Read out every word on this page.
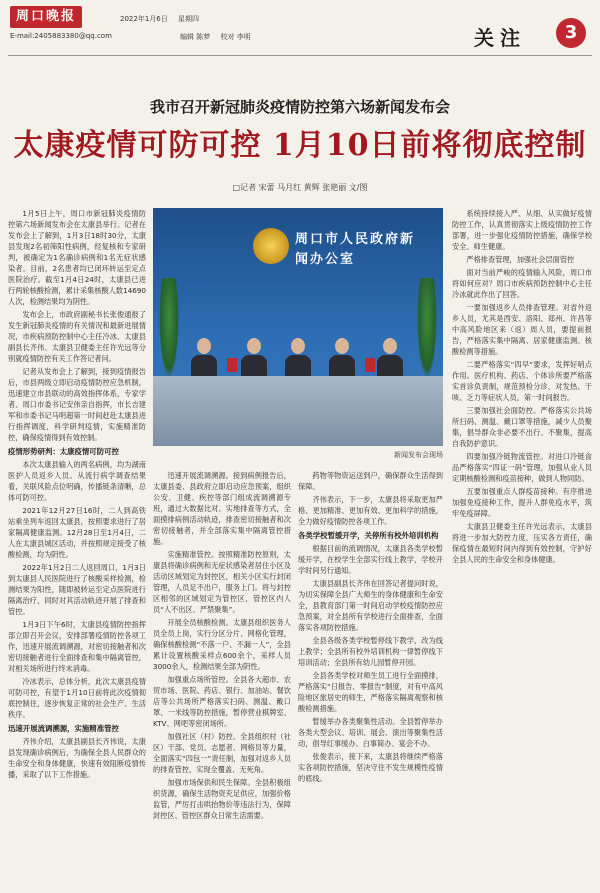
周口晚报
E-mail:2405883380@qq.com
2022年1月6日 星期四
编辑 陈梦 校对 李明	关注	3
我市召开新冠肺炎疫情防控第六场新闻发布会
太康疫情可防可控 1月10日前将彻底控制
□记者 宋蕾 马月红 黄辉 张艳丽 文/图

1月5日上午，周口市新冠肺炎疫情防控第六场新闻发布会在太康县举行。记者在发布会上了解到，1月3日18时30分，太康县发现2名初筛阳性病例，经复核和专家研判，被确定为1名确诊病例和1名无症状感染者。目前，2名患者均已闭环转运至定点医院治疗。截至1月4日24时，太康县已进行两轮核酸检测，累计采集核酸人数14690人次，检测结果均为阴性。

发布会上，市政府副秘书长张俊通报了发生新冠肺炎疫情的有关情况和最新进展情况，市疾病预防控制中心主任冷冰、太康县副县长齐伟、太康县卫健委主任许光远等分别就疫情防控有关工作答记者问。

记者从发布会上了解到，接到疫情报告后，市县两级立即启动疫情防控应急机制，迅速建立市县联动的高效指挥体系，专家学者、周口市委书记安伟亲自指挥，市长吉建军和市委书记马明超第一时间赶赴太康县进行指挥调度，科学研判疫情，实施精准防控，确保疫情得到有效控制。

疫情形势研判：太康疫情可防可控

本次太康县输入的两名病例，均为湖南医护人员返乡人员。从流行病学调查结果看，关联风险点位明确，传播链条清晰，总体可防可控。

2021年12月27日16时，二人到高铁站乘坐列车返回太康县，按照要求进行了居家隔离健康监测。12月28日至1月4日，二人在太康县城区活动，并按照规定接受了核酸检测，均为阴性。

2022年1月2日二人返回周口，1月3日到太康县人民医院进行了核酸采样检测，检测结果为阳性，随即被转运至定点医院进行隔离治疗，同时对其活动轨迹开展了排查和管控。

1月3日下午6时，太康县疫情防控指挥部立即召开会议，安排部署疫情防控各项工作，迅速开展流调溯源，对密切接触者和次密切接触者进行全面排查和集中隔离管控，对相关场所进行终末消毒。

冷冰表示，总体分析，此次太康县疫情可防可控，有望于1月10日前将此次疫情彻底控制住，逐步恢复正常的社会生产、生活秩序。

迅速开展流调溯源，实施精准管控

齐伟介绍，太康县副县长齐伟说，太康县发现确诊病例后，为确保全县人民群众的生命安全和身体健康，快速有效阻断疫情传播，采取了以下工作措施。

周口市人民政府新闻办公室
新闻发布会现场

迅速开展流调溯源。接到病例报告后，太康县委、县政府立即启动应急预案，组织公安、卫健、疾控等部门组成流调溯源专班，通过大数据比对、实地排查等方式，全面摸排病例活动轨迹，排查密切接触者和次密切接触者，并全部落实集中隔离管控措施。

实施精准管控。按照精准防控原则，太康县将确诊病例和无症状感染者居住小区及活动区域划定为封控区，相关小区实行封闭管理，人员足不出户，服务上门。将与封控区相邻的区域划定为管控区，管控区内人员“人不出区、严禁聚集”。

开展全员核酸检测。太康县组织医务人员全员上岗，实行分区分片、网格化管理，确保核酸检测“不落一户、不漏一人”，全县累计设置核酸采样点600余个，采样人员3000余人，检测结果全部为阴性。

加强重点场所管控。全县各大超市、农贸市场、医院、药店、银行、加油站、餐饮店等公共场所严格落实扫码、测温、戴口罩、一米线等防控措施，暂停营业棋牌室、KTV、网吧等密闭场所。

加强社区（村）防控。全县组织村（社区）干部、党员、志愿者、网格员等力量，全面落实“四包一”责任制，加强对返乡人员的排查管控，实现全覆盖、无死角。

加强市场保供和民生保障。全县积极组织货源，确保生活物资充足供应，加强价格监管，严厉打击哄抬物价等违法行为，保障封控区、管控区群众日常生活需要。

药物等物资运送到户，确保群众生活得到保障。

齐伟表示，下一步，太康县将采取更加严格、更加精准、更加有效、更加科学的措施，全力做好疫情防控各项工作。

各类学校暂缓开学，关停所有校外培训机构

根据目前的流调情况，太康县各类学校暂缓开学，在校学生全部实行线上教学，学校开学时间另行通知。

太康县副县长齐伟在回答记者提问时说，为切实保障全县广大师生的身体健康和生命安全，县教育部门第一时间启动学校疫情防控应急预案，对全县所有学校进行全面排查，全面落实各项防控措施。

全县各级各类学校暂停线下教学，改为线上教学；全县所有校外培训机构一律暂停线下培训活动；全县所有幼儿园暂停开园。

全县各类学校对师生员工进行全面摸排，严格落实“日报告、零报告”制度，对有中高风险地区旅居史的师生，严格落实隔离观察和核酸检测措施。

暂缓举办各类聚集性活动。全县暂停举办各类大型会议、培训、展会、演出等聚集性活动，倡导红事缓办、白事简办、宴会不办。

张俊表示，接下来，太康县将继续严格落实各项防控措施，坚决守住不发生规模性疫情的底线。

系统持续接入严、从细、从实做好疫情防控工作，认真贯彻落实上级疫情防控工作部署，进一步强化疫情防控措施，确保学校安全、师生健康。

严格排查管理，加强社会层面管控

面对当前严峻的疫情输入风险，周口市将如何应对？周口市疾病预防控制中心主任冷冰就此作出了回答。

一要加强返乡人员排查管理。对省外返乡人员，尤其是西安、洛阳、郑州、许昌等中高风险地区来（返）周人员，要提前报告，严格落实集中隔离、居家健康监测、核酸检测等措施。

二要严格落实“四早”要求，发挥好哨点作用。医疗机构、药店、个体诊所要严格落实首诊负责制，规范预检分诊，对发热、干咳、乏力等症状人员，第一时间报告。

三要加强社会面防控。严格落实公共场所扫码、测温、戴口罩等措施，减少人员聚集，倡导群众非必要不出行、不聚集，提高自我防护意识。

四要加强冷链物流管控。对进口冷链食品严格落实“四证一码”管理，加强从业人员定期核酸检测和疫苗接种，做到人物同防。

五要加强重点人群疫苗接种。有序推进加强免疫接种工作，提升人群免疫水平，筑牢免疫屏障。

太康县卫健委主任许光远表示，太康县将进一步加大防控力度，压实各方责任，确保疫情在最短时间内得到有效控制，守护好全县人民的生命安全和身体健康。
